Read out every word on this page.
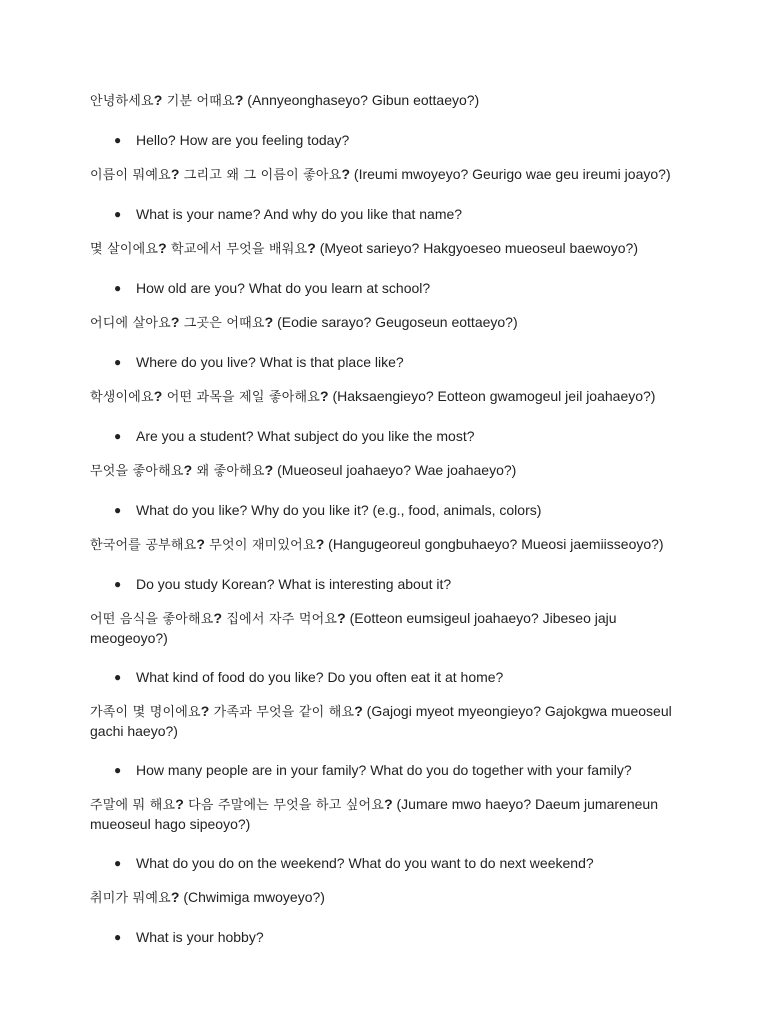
안녕하세요? 기분 어때요? (Annyeonghaseyo? Gibun eottaeyo?)

● Hello? How are you feeling today?

이름이 뭐예요? 그리고 왜 그 이름이 좋아요? (Ireumi mwoyeyo? Geurigo wae geu ireumi joayo?)

● What is your name? And why do you like that name?

몇 살이에요? 학교에서 무엇을 배워요? (Myeot sarieyo? Hakgyoeseo mueoseul baewoyo?)

● How old are you? What do you learn at school?

어디에 살아요? 그곳은 어때요? (Eodie sarayo? Geugoseun eottaeyo?)

● Where do you live? What is that place like?

학생이에요? 어떤 과목을 제일 좋아해요? (Haksaengieyo? Eotteon gwamogeul jeil joahaeyo?)

● Are you a student? What subject do you like the most?

무엇을 좋아해요? 왜 좋아해요? (Mueoseul joahaeyo? Wae joahaeyo?)

● What do you like? Why do you like it? (e.g., food, animals, colors)

한국어를 공부해요? 무엇이 재미있어요? (Hangugeoreul gongbuhaeyo? Mueosi jaemiisseoyo?)

● Do you study Korean? What is interesting about it?

어떤 음식을 좋아해요? 집에서 자주 먹어요? (Eotteon eumsigeul joahaeyo? Jibeseo jaju meogeoyo?)

● What kind of food do you like? Do you often eat it at home?

가족이 몇 명이에요? 가족과 무엇을 같이 해요? (Gajogi myeot myeongieyo? Gajokgwa mueoseul gachi haeyo?)

● How many people are in your family? What do you do together with your family?

주말에 뭐 해요? 다음 주말에는 무엇을 하고 싶어요? (Jumare mwo haeyo? Daeum jumareneun mueoseul hago sipeoyo?)

● What do you do on the weekend? What do you want to do next weekend?

취미가 뭐예요? (Chwimiga mwoyeyo?)

● What is your hobby?
